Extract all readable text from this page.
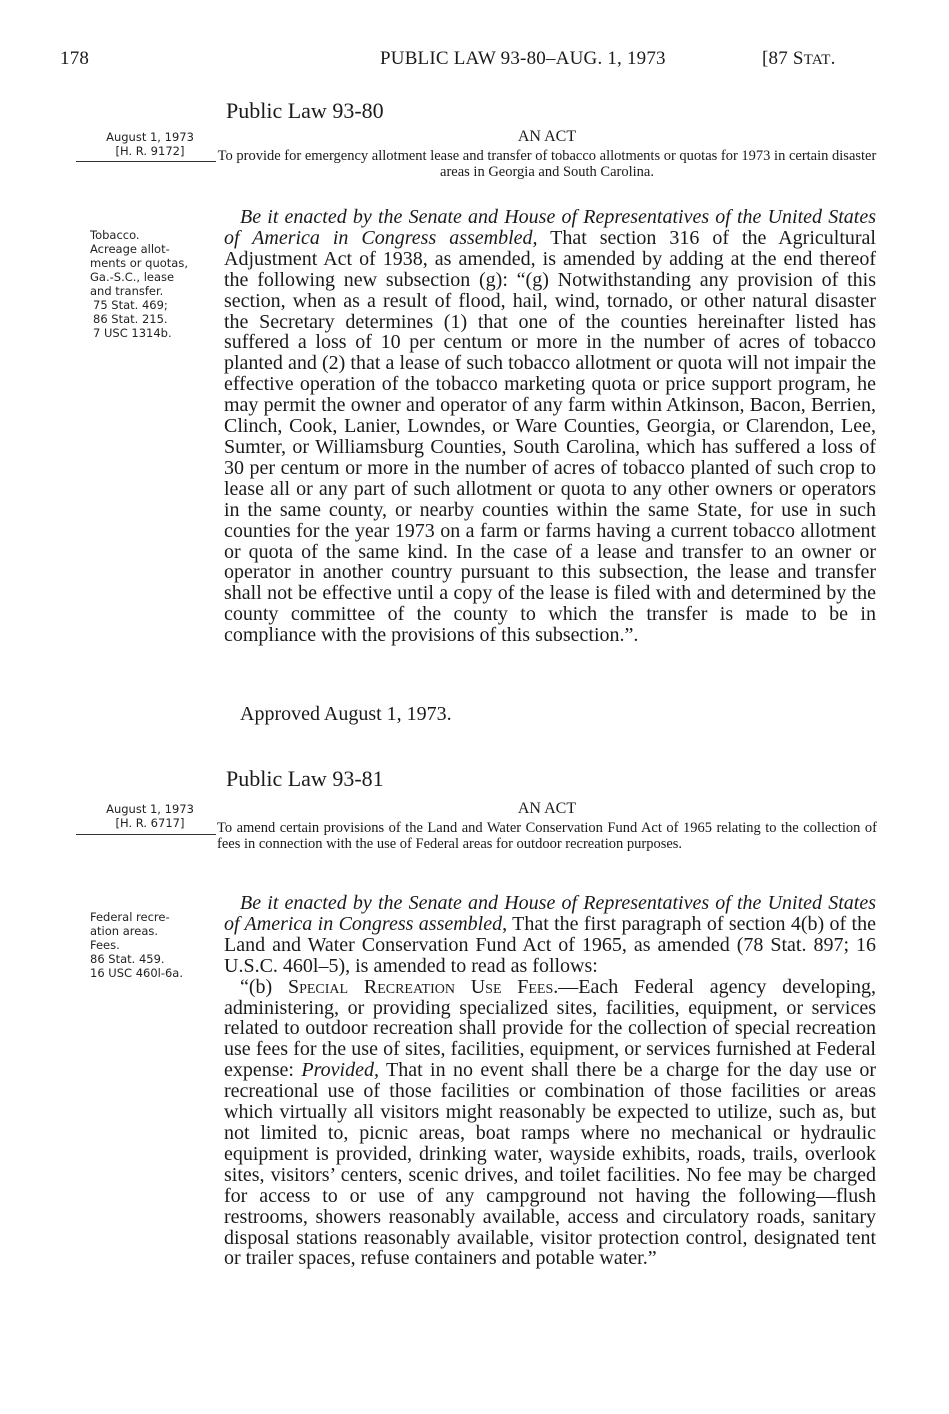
178	PUBLIC LAW 93-80–AUG. 1, 1973	[87 STAT.
Public Law 93-80
August 1, 1973
[H. R. 9172]
AN ACT
To provide for emergency allotment lease and transfer of tobacco allotments or quotas for 1973 in certain disaster areas in Georgia and South Carolina.
Tobacco.
Acreage allot-
ments or quotas,
Ga.-S.C., lease
and transfer.
75 Stat. 469;
86 Stat. 215.
7 USC 1314b.

Be it enacted by the Senate and House of Representatives of the United States of America in Congress assembled, That section 316 of the Agricultural Adjustment Act of 1938, as amended, is amended by adding at the end thereof the following new subsection (g): “(g) Notwithstanding any provision of this section, when as a result of flood, hail, wind, tornado, or other natural disaster the Secretary determines (1) that one of the counties hereinafter listed has suffered a loss of 10 per centum or more in the number of acres of tobacco planted and (2) that a lease of such tobacco allotment or quota will not impair the effective operation of the tobacco marketing quota or price support program, he may permit the owner and operator of any farm within Atkinson, Bacon, Berrien, Clinch, Cook, Lanier, Lowndes, or Ware Counties, Georgia, or Clarendon, Lee, Sumter, or Williamsburg Counties, South Carolina, which has suffered a loss of 30 per centum or more in the number of acres of tobacco planted of such crop to lease all or any part of such allotment or quota to any other owners or operators in the same county, or nearby counties within the same State, for use in such counties for the year 1973 on a farm or farms having a current tobacco allotment or quota of the same kind. In the case of a lease and transfer to an owner or operator in another country pursuant to this subsection, the lease and transfer shall not be effective until a copy of the lease is filed with and determined by the county committee of the county to which the transfer is made to be in compliance with the provisions of this subsection.”.

Approved August 1, 1973.
Public Law 93-81
August 1, 1973
[H. R. 6717]
AN ACT
To amend certain provisions of the Land and Water Conservation Fund Act of 1965 relating to the collection of fees in connection with the use of Federal areas for outdoor recreation purposes.
Federal recre-
ation areas.
Fees.
86 Stat. 459.
16 USC 460l-6a.

Be it enacted by the Senate and House of Representatives of the United States of America in Congress assembled, That the first paragraph of section 4(b) of the Land and Water Conservation Fund Act of 1965, as amended (78 Stat. 897; 16 U.S.C. 460l–5), is amended to read as follows:

“(b) Special Recreation Use Fees.—Each Federal agency developing, administering, or providing specialized sites, facilities, equipment, or services related to outdoor recreation shall provide for the collection of special recreation use fees for the use of sites, facilities, equipment, or services furnished at Federal expense: Provided, That in no event shall there be a charge for the day use or recreational use of those facilities or combination of those facilities or areas which virtually all visitors might reasonably be expected to utilize, such as, but not limited to, picnic areas, boat ramps where no mechanical or hydraulic equipment is provided, drinking water, wayside exhibits, roads, trails, overlook sites, visitors’ centers, scenic drives, and toilet facilities. No fee may be charged for access to or use of any campground not having the following—flush restrooms, showers reasonably available, access and circulatory roads, sanitary disposal stations reasonably available, visitor protection control, designated tent or trailer spaces, refuse containers and potable water.”
